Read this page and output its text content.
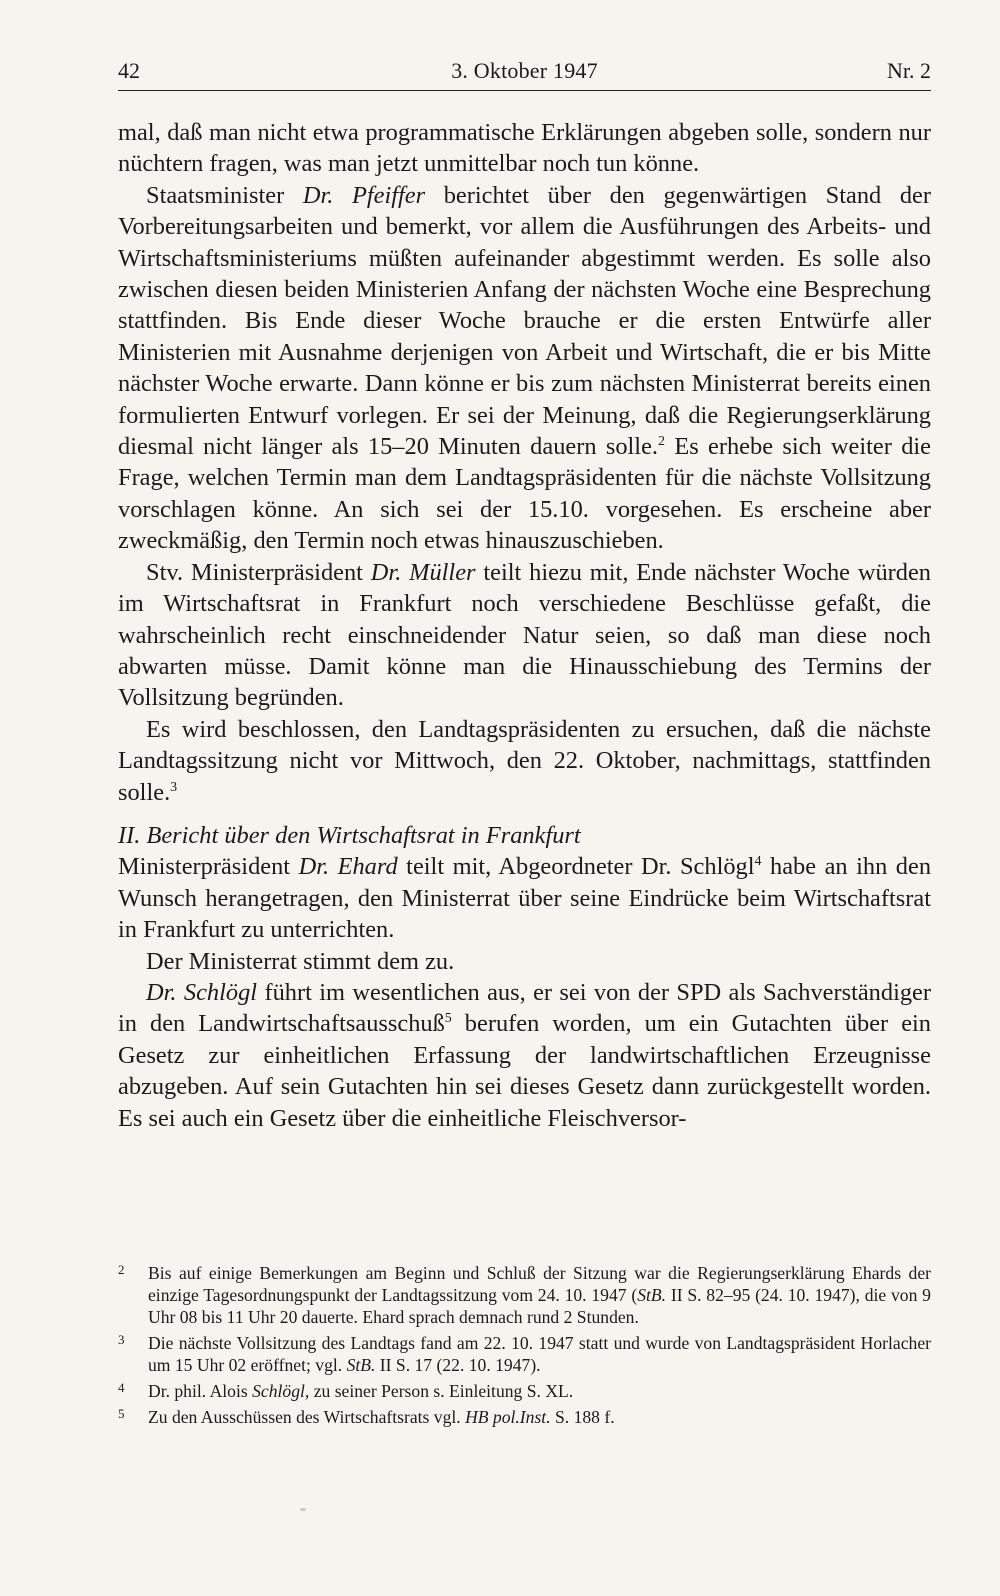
42	3. Oktober 1947	Nr. 2

mal, daß man nicht etwa programmatische Erklärungen abgeben solle, sondern nur nüchtern fragen, was man jetzt unmittelbar noch tun könne.

Staatsminister Dr. Pfeiffer berichtet über den gegenwärtigen Stand der Vorbereitungsarbeiten und bemerkt, vor allem die Ausführungen des Arbeits- und Wirtschaftsministeriums müßten aufeinander abgestimmt werden. Es solle also zwischen diesen beiden Ministerien Anfang der nächsten Woche eine Besprechung stattfinden. Bis Ende dieser Woche brauche er die ersten Entwürfe aller Ministerien mit Ausnahme derjenigen von Arbeit und Wirtschaft, die er bis Mitte nächster Woche erwarte. Dann könne er bis zum nächsten Ministerrat bereits einen formulierten Entwurf vorlegen. Er sei der Meinung, daß die Regierungserklärung diesmal nicht länger als 15–20 Minuten dauern solle.$^2$ Es erhebe sich weiter die Frage, welchen Termin man dem Landtagspräsidenten für die nächste Vollsitzung vorschlagen könne. An sich sei der 15.10. vorgesehen. Es erscheine aber zweckmäßig, den Termin noch etwas hinauszuschieben.

Stv. Ministerpräsident Dr. Müller teilt hiezu mit, Ende nächster Woche würden im Wirtschaftsrat in Frankfurt noch verschiedene Beschlüsse gefaßt, die wahrscheinlich recht einschneidender Natur seien, so daß man diese noch abwarten müsse. Damit könne man die Hinausschiebung des Termins der Vollsitzung begründen.

Es wird beschlossen, den Landtagspräsidenten zu ersuchen, daß die nächste Landtagssitzung nicht vor Mittwoch, den 22. Oktober, nachmittags, stattfinden solle.$^3$

II. Bericht über den Wirtschaftsrat in Frankfurt

Ministerpräsident Dr. Ehard teilt mit, Abgeordneter Dr. Schlögl$^4$ habe an ihn den Wunsch herangetragen, den Ministerrat über seine Eindrücke beim Wirtschaftsrat in Frankfurt zu unterrichten.

Der Ministerrat stimmt dem zu.

Dr. Schlögl führt im wesentlichen aus, er sei von der SPD als Sachverständiger in den Landwirtschaftsausschuß$^5$ berufen worden, um ein Gutachten über ein Gesetz zur einheitlichen Erfassung der landwirtschaftlichen Erzeugnisse abzugeben. Auf sein Gutachten hin sei dieses Gesetz dann zurückgestellt worden. Es sei auch ein Gesetz über die einheitliche Fleischversor-

2 Bis auf einige Bemerkungen am Beginn und Schluß der Sitzung war die Regierungserklärung Ehards der einzige Tagesordnungspunkt der Landtagssitzung vom 24. 10. 1947 (StB. II S. 82–95 (24. 10. 1947), die von 9 Uhr 08 bis 11 Uhr 20 dauerte. Ehard sprach demnach rund 2 Stunden.

3 Die nächste Vollsitzung des Landtags fand am 22. 10. 1947 statt und wurde von Landtagspräsident Horlacher um 15 Uhr 02 eröffnet; vgl. StB. II S. 17 (22. 10. 1947).

4 Dr. phil. Alois Schlögl, zu seiner Person s. Einleitung S. XL.

5 Zu den Ausschüssen des Wirtschaftsrats vgl. HB pol.Inst. S. 188 f.
